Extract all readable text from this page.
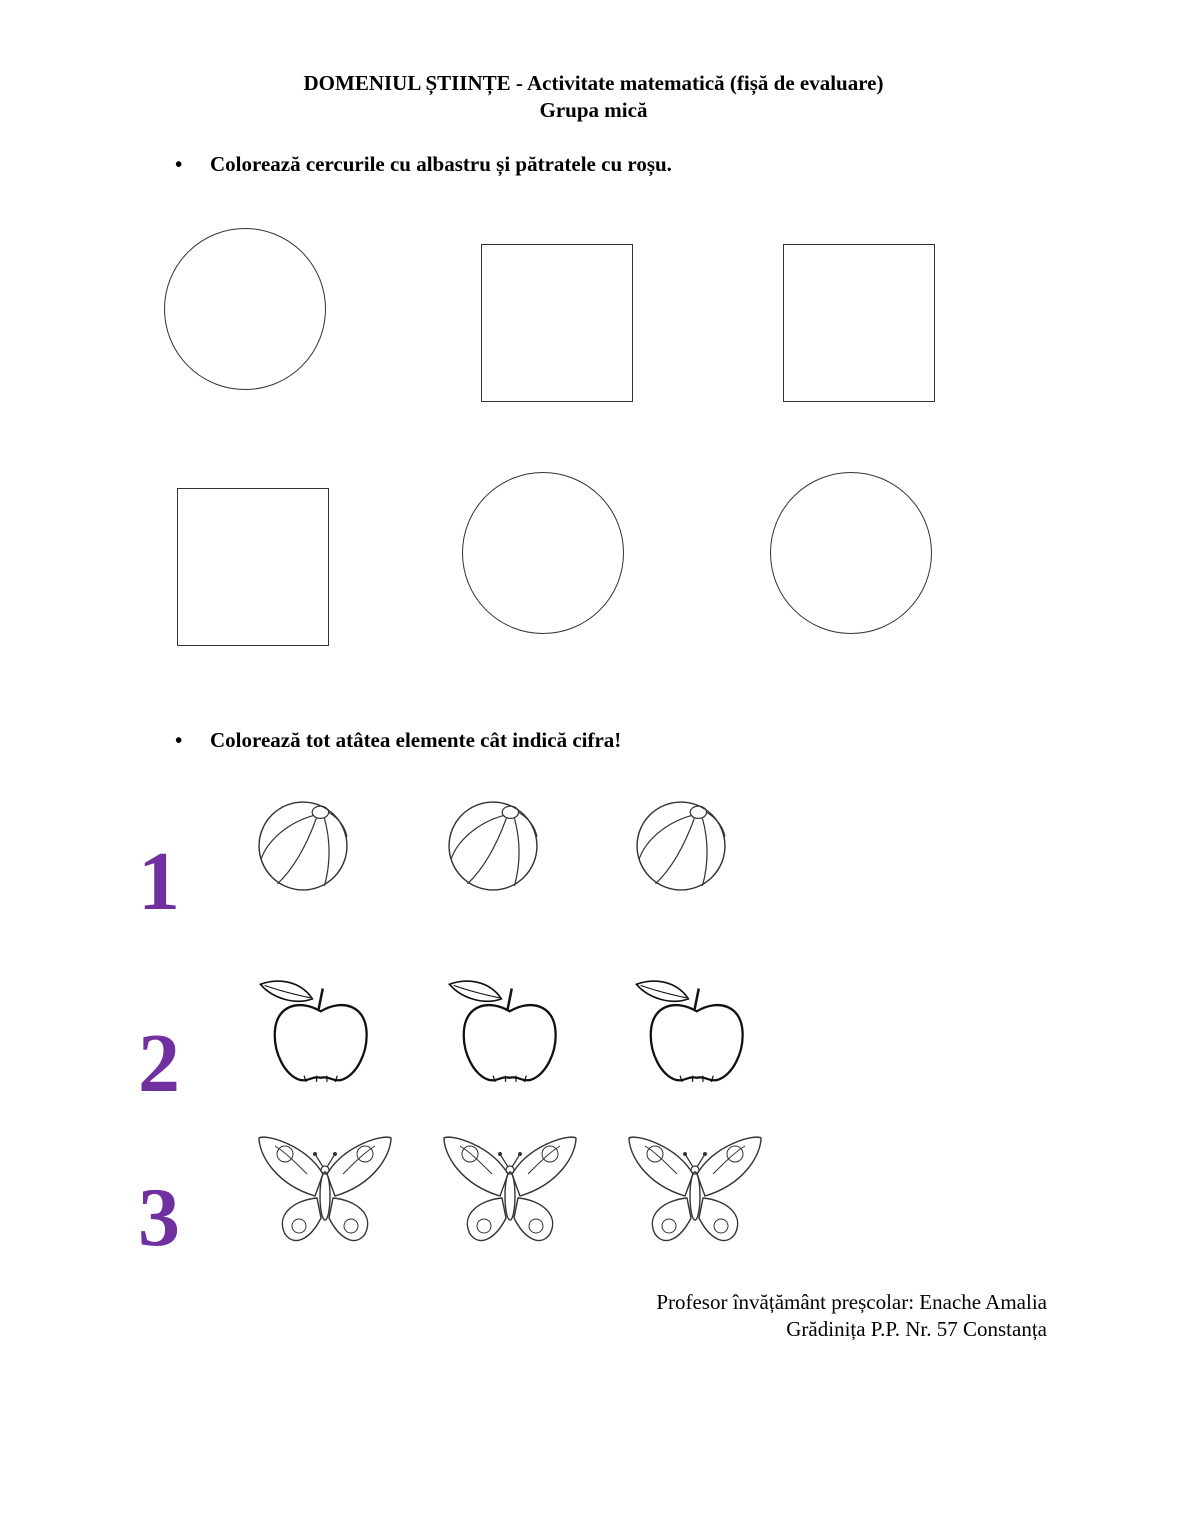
DOMENIUL ȘTIINȚE - Activitate matematică (fișă de evaluare)
Grupa mică
• Colorează cercurile cu albastru și pătratele cu roșu.
• Colorează tot atâtea elemente cât indică cifra!
1
2
3
Profesor învățământ preșcolar: Enache Amalia
Grădinița P.P. Nr. 57 Constanța
